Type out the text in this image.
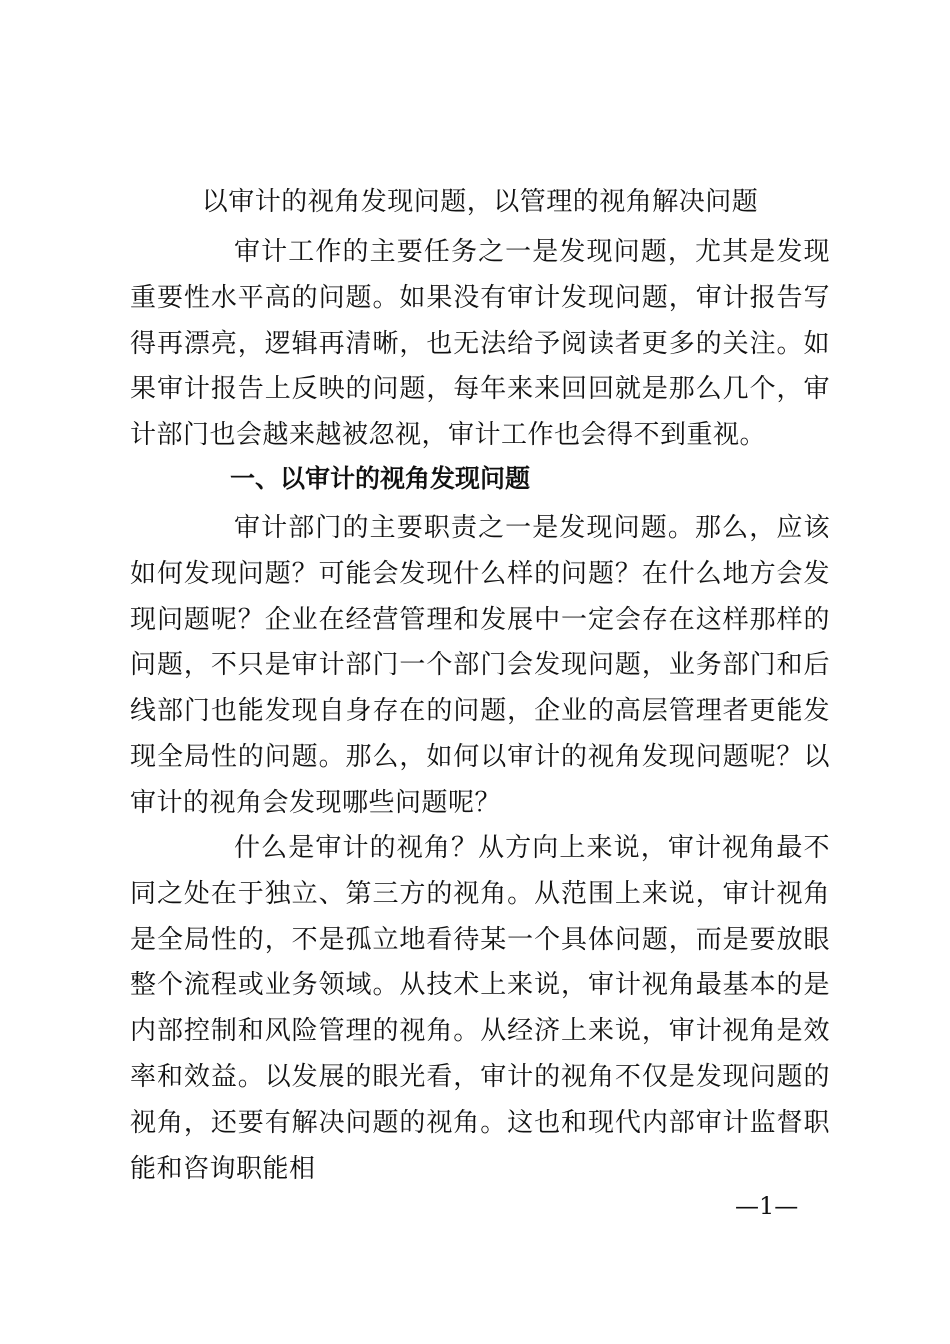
以审计的视角发现问题，以管理的视角解决问题

审计工作的主要任务之一是发现问题，尤其是发现重要性水平高的问题。如果没有审计发现问题，审计报告写得再漂亮，逻辑再清晰，也无法给予阅读者更多的关注。如果审计报告上反映的问题，每年来来回回就是那么几个，审计部门也会越来越被忽视，审计工作也会得不到重视。

一、以审计的视角发现问题

审计部门的主要职责之一是发现问题。那么，应该如何发现问题？可能会发现什么样的问题？在什么地方会发现问题呢？企业在经营管理和发展中一定会存在这样那样的问题，不只是审计部门一个部门会发现问题，业务部门和后线部门也能发现自身存在的问题，企业的高层管理者更能发现全局性的问题。那么，如何以审计的视角发现问题呢？以审计的视角会发现哪些问题呢？

什么是审计的视角？从方向上来说，审计视角最不同之处在于独立、第三方的视角。从范围上来说，审计视角是全局性的，不是孤立地看待某一个具体问题，而是要放眼整个流程或业务领域。从技术上来说，审计视角最基本的是内部控制和风险管理的视角。从经济上来说，审计视角是效率和效益。以发展的眼光看，审计的视角不仅是发现问题的视角，还要有解决问题的视角。这也和现代内部审计监督职能和咨询职能相

—1—
